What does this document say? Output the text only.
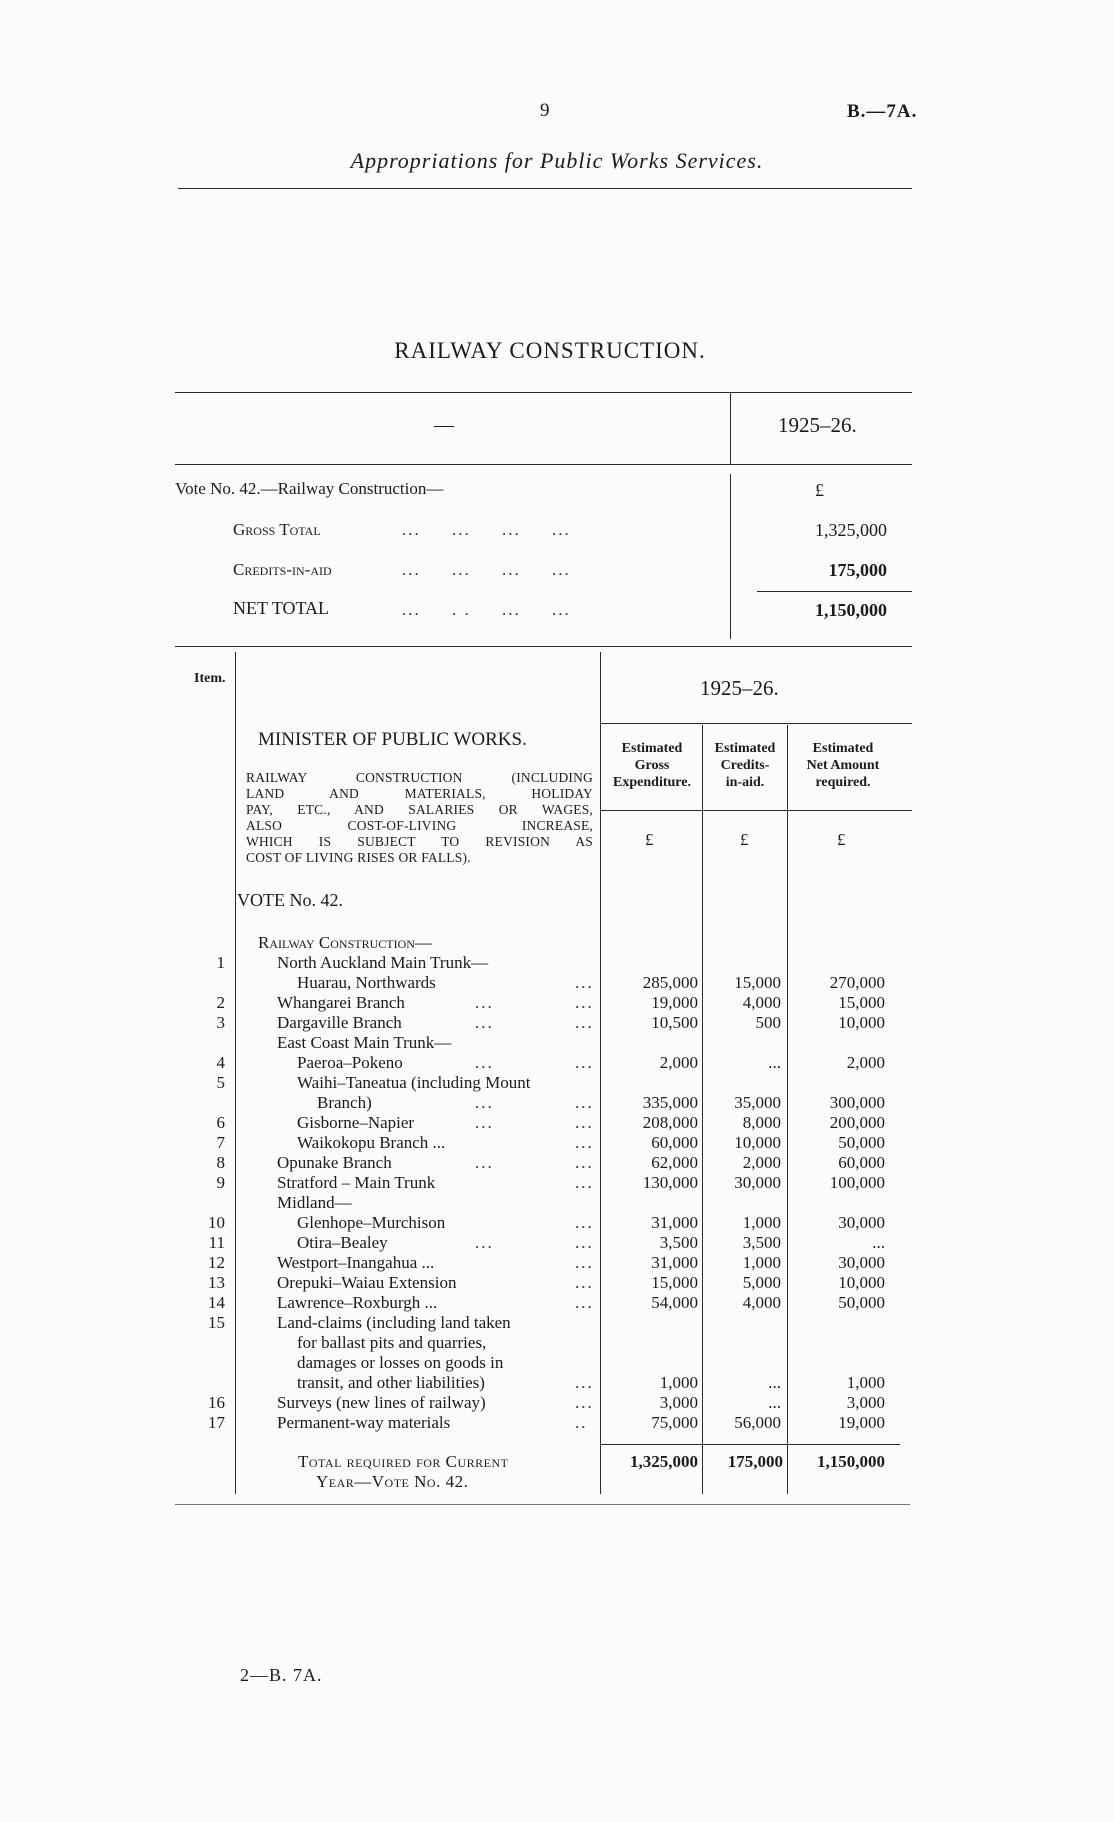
9	B.—7A.
Appropriations for Public Works Services.
RAILWAY CONSTRUCTION.
—	1925–26.
Vote No. 42.—Railway Construction—	£
Gross Total	...     ...     ...     ...	1,325,000
Credits-in-aid	...     ...     ...     ...	175,000
NET TOTAL	...     . .     ...     ...	1,150,000
Item.	1925–26.
MINISTER OF PUBLIC WORKS.
RAILWAY CONSTRUCTION (INCLUDING
LAND AND MATERIALS, HOLIDAY
PAY, ETC., AND SALARIES OR WAGES,
ALSO COST-OF-LIVING INCREASE,
WHICH IS SUBJECT TO REVISION AS
COST OF LIVING RISES OR FALLS).
Estimated
Gross
Expenditure.
Estimated
Credits-
in-aid.
Estimated
Net Amount
required.
£	£	£
VOTE No. 42.
Railway Construction—
1	North Auckland Main Trunk—
Huarau, Northwards	...	285,000	15,000	270,000
2	Whangarei Branch	...	...	19,000	4,000	15,000
3	Dargaville Branch	...	...	10,500	500	10,000
East Coast Main Trunk—
4	Paeroa–Pokeno	...	...	2,000	...	2,000
5	Waihi–Taneatua (including Mount
Branch)	...	...	335,000	35,000	300,000
6	Gisborne–Napier	...	...	208,000	8,000	200,000
7	Waikokopu Branch ...	...	60,000	10,000	50,000
8	Opunake Branch	...	...	62,000	2,000	60,000
9	Stratford – Main Trunk	...	130,000	30,000	100,000
Midland—
10	Glenhope–Murchison	...	31,000	1,000	30,000
11	Otira–Bealey	...	...	3,500	3,500	...
12	Westport–Inangahua ...	...	31,000	1,000	30,000
13	Orepuki–Waiau Extension	...	15,000	5,000	10,000
14	Lawrence–Roxburgh ...	...	54,000	4,000	50,000
15	Land-claims (including land taken
for ballast pits and quarries,
damages or losses on goods in
transit, and other liabilities)	...	1,000	...	1,000
16	Surveys (new lines of railway)	...	3,000	...	3,000
17	Permanent-way materials	..	75,000	56,000	19,000
Total required for Current
Year—Vote No. 42.
1,325,000	175,000	1,150,000
2—B. 7A.
